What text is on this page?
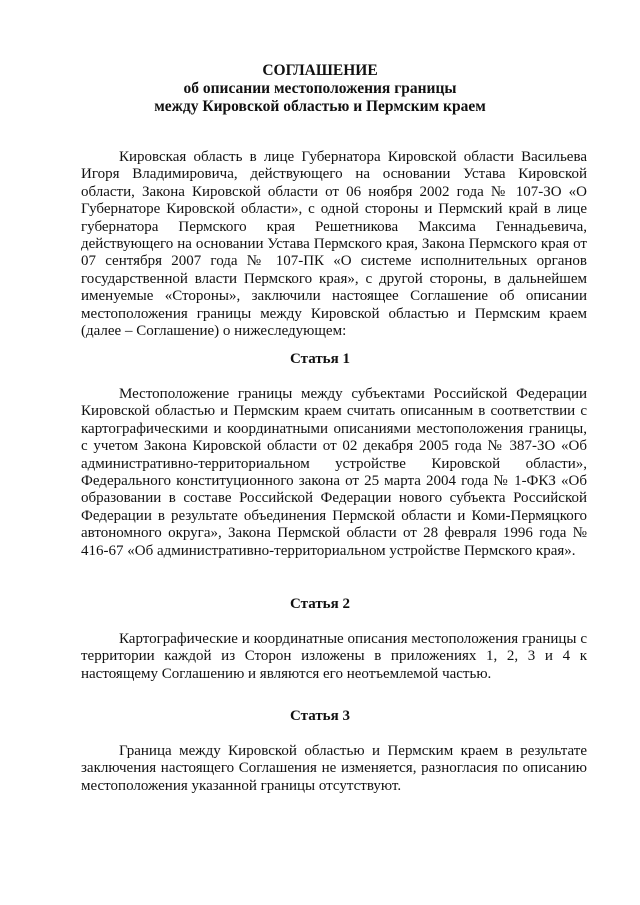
СОГЛАШЕНИЕ
об описании местоположения границы
между Кировской областью и Пермским краем

Кировская область в лице Губернатора Кировской области Васильева Игоря Владимировича, действующего на основании Устава Кировской области, Закона Кировской области от 06 ноября 2002 года № 107-ЗО «О Губернаторе Кировской области», с одной стороны и Пермский край в лице губернатора Пермского края Решетникова Максима Геннадьевича, действующего на основании Устава Пермского края, Закона Пермского края от 07 сентября 2007 года № 107-ПК «О системе исполнительных органов государственной власти Пермского края», с другой стороны, в дальнейшем именуемые «Стороны», заключили настоящее Соглашение об описании местоположения границы между Кировской областью и Пермским краем (далее – Соглашение) о нижеследующем:

Статья 1

Местоположение границы между субъектами Российской Федерации Кировской областью и Пермским краем считать описанным в соответствии с картографическими и координатными описаниями местоположения границы, с учетом Закона Кировской области от 02 декабря 2005 года № 387-ЗО «Об административно-территориальном устройстве Кировской области», Федерального конституционного закона от 25 марта 2004 года № 1-ФКЗ «Об образовании в составе Российской Федерации нового субъекта Российской Федерации в результате объединения Пермской области и Коми-Пермяцкого автономного округа», Закона Пермской области от 28 февраля 1996 года № 416-67 «Об административно-территориальном устройстве Пермского края».

Статья 2

Картографические и координатные описания местоположения границы с территории каждой из Сторон изложены в приложениях 1, 2, 3 и 4 к настоящему Соглашению и являются его неотъемлемой частью.

Статья 3

Граница между Кировской областью и Пермским краем в результате заключения настоящего Соглашения не изменяется, разногласия по описанию местоположения указанной границы отсутствуют.
